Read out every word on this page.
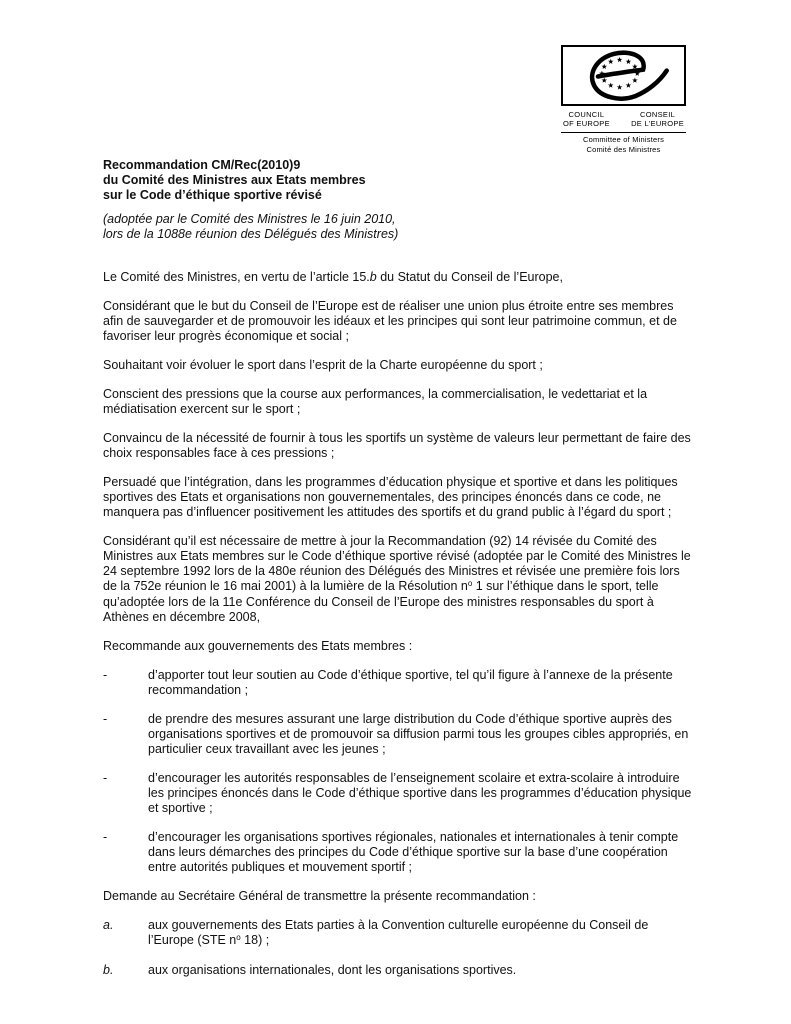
COUNCIL
OF EUROPE
CONSEIL
DE L’EUROPE
Committee of Ministers
Comité des Ministres
Recommandation CM/Rec(2010)9
du Comité des Ministres aux Etats membres
sur le Code d’éthique sportive révisé
(adoptée par le Comité des Ministres le 16 juin 2010,
lors de la 1088e réunion des Délégués des Ministres)

Le Comité des Ministres, en vertu de l’article 15.b du Statut du Conseil de l’Europe,

Considérant que le but du Conseil de l’Europe est de réaliser une union plus étroite entre ses membres afin de sauvegarder et de promouvoir les idéaux et les principes qui sont leur patrimoine commun, et de favoriser leur progrès économique et social ;

Souhaitant voir évoluer le sport dans l’esprit de la Charte européenne du sport ;

Conscient des pressions que la course aux performances, la commercialisation, le vedettariat et la médiatisation exercent sur le sport ;

Convaincu de la nécessité de fournir à tous les sportifs un système de valeurs leur permettant de faire des choix responsables face à ces pressions ;

Persuadé que l’intégration, dans les programmes d’éducation physique et sportive et dans les politiques sportives des Etats et organisations non gouvernementales, des principes énoncés dans ce code, ne manquera pas d’influencer positivement les attitudes des sportifs et du grand public à l’égard du sport ;

Considérant qu’il est nécessaire de mettre à jour la Recommandation (92) 14 révisée du Comité des Ministres aux Etats membres sur le Code d’éthique sportive révisé (adoptée par le Comité des Ministres le 24 septembre 1992 lors de la 480e réunion des Délégués des Ministres et révisée une première fois lors de la 752e réunion le 16 mai 2001) à la lumière de la Résolution $n^o$ 1 sur l’éthique dans le sport, telle qu’adoptée lors de la 11e Conférence du Conseil de l’Europe des ministres responsables du sport à Athènes en décembre 2008,

Recommande aux gouvernements des Etats membres :

-	d’apporter tout leur soutien au Code d’éthique sportive, tel qu’il figure à l’annexe de la présente recommandation ;
-	de prendre des mesures assurant une large distribution du Code d’éthique sportive auprès des organisations sportives et de promouvoir sa diffusion parmi tous les groupes cibles appropriés, en particulier ceux travaillant avec les jeunes ;
-	d’encourager les autorités responsables de l’enseignement scolaire et extra-scolaire à introduire les principes énoncés dans le Code d’éthique sportive dans les programmes d’éducation physique et sportive ;
-	d’encourager les organisations sportives régionales, nationales et internationales à tenir compte dans leurs démarches des principes du Code d’éthique sportive sur la base d’une coopération entre autorités publiques et mouvement sportif ;

Demande au Secrétaire Général de transmettre la présente recommandation :

a.	aux gouvernements des Etats parties à la Convention culturelle européenne du Conseil de l’Europe (STE $n^o$ 18) ;
b.	aux organisations internationales, dont les organisations sportives.
